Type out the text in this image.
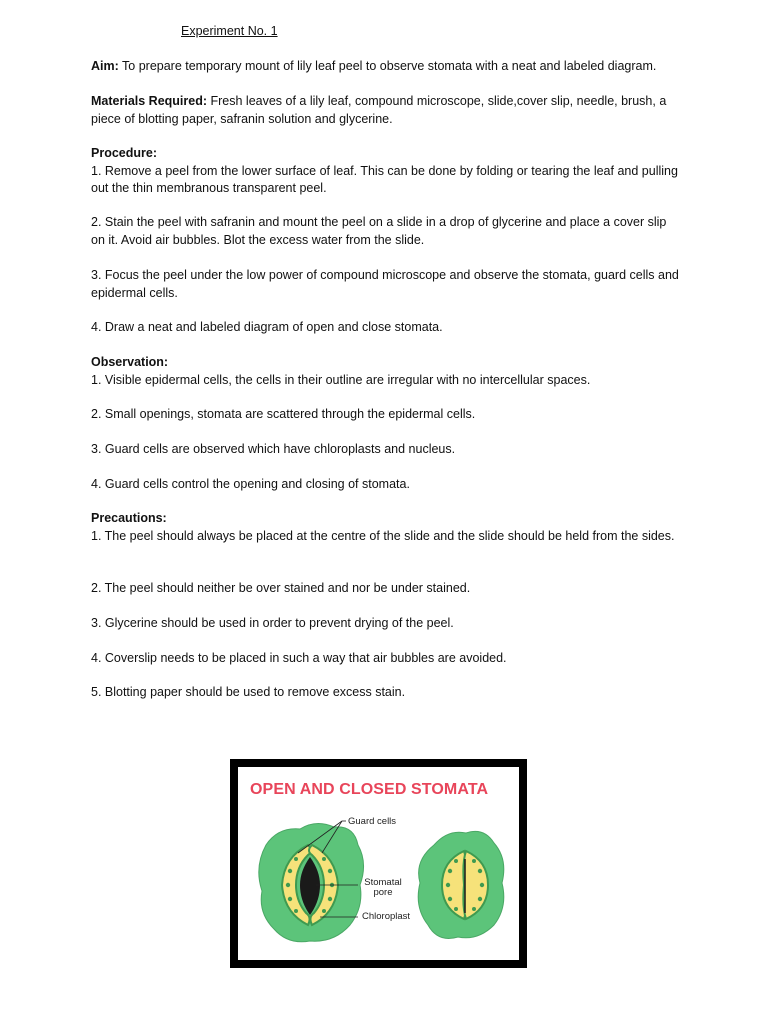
Experiment No. 1

Aim: To prepare temporary mount of lily leaf peel to observe stomata with a neat and labeled diagram.

Materials Required: Fresh leaves of a lily leaf, compound microscope, slide,cover slip, needle, brush, a piece of blotting paper, safranin solution and glycerine.

Procedure:
1. Remove a peel from the lower surface of leaf. This can be done by folding or tearing the leaf and pulling out the thin membranous transparent peel.

2. Stain the peel with safranin and mount the peel on a slide in a drop of glycerine and place a cover slip on it. Avoid air bubbles. Blot the excess water from the slide.

3. Focus the peel under the low power of compound microscope and observe the stomata, guard cells and epidermal cells.

4. Draw a neat and labeled diagram of open and close stomata.

Observation:
1. Visible epidermal cells, the cells in their outline are irregular with no intercellular spaces.

2. Small openings, stomata are scattered through the epidermal cells.

3. Guard cells are observed which have chloroplasts and nucleus.

4. Guard cells control the opening and closing of stomata.

Precautions:
1. The peel should always be placed at the centre of the slide and the slide should be held from the sides.

2. The peel should neither be over stained and nor be under stained.

3. Glycerine should be used in order to prevent drying of the peel.

4. Coverslip needs to be placed in such a way that air bubbles are avoided.

5. Blotting paper should be used to remove excess stain.

OPEN AND CLOSED STOMATA
Guard cells
Stomatal
pore
Chloroplast
